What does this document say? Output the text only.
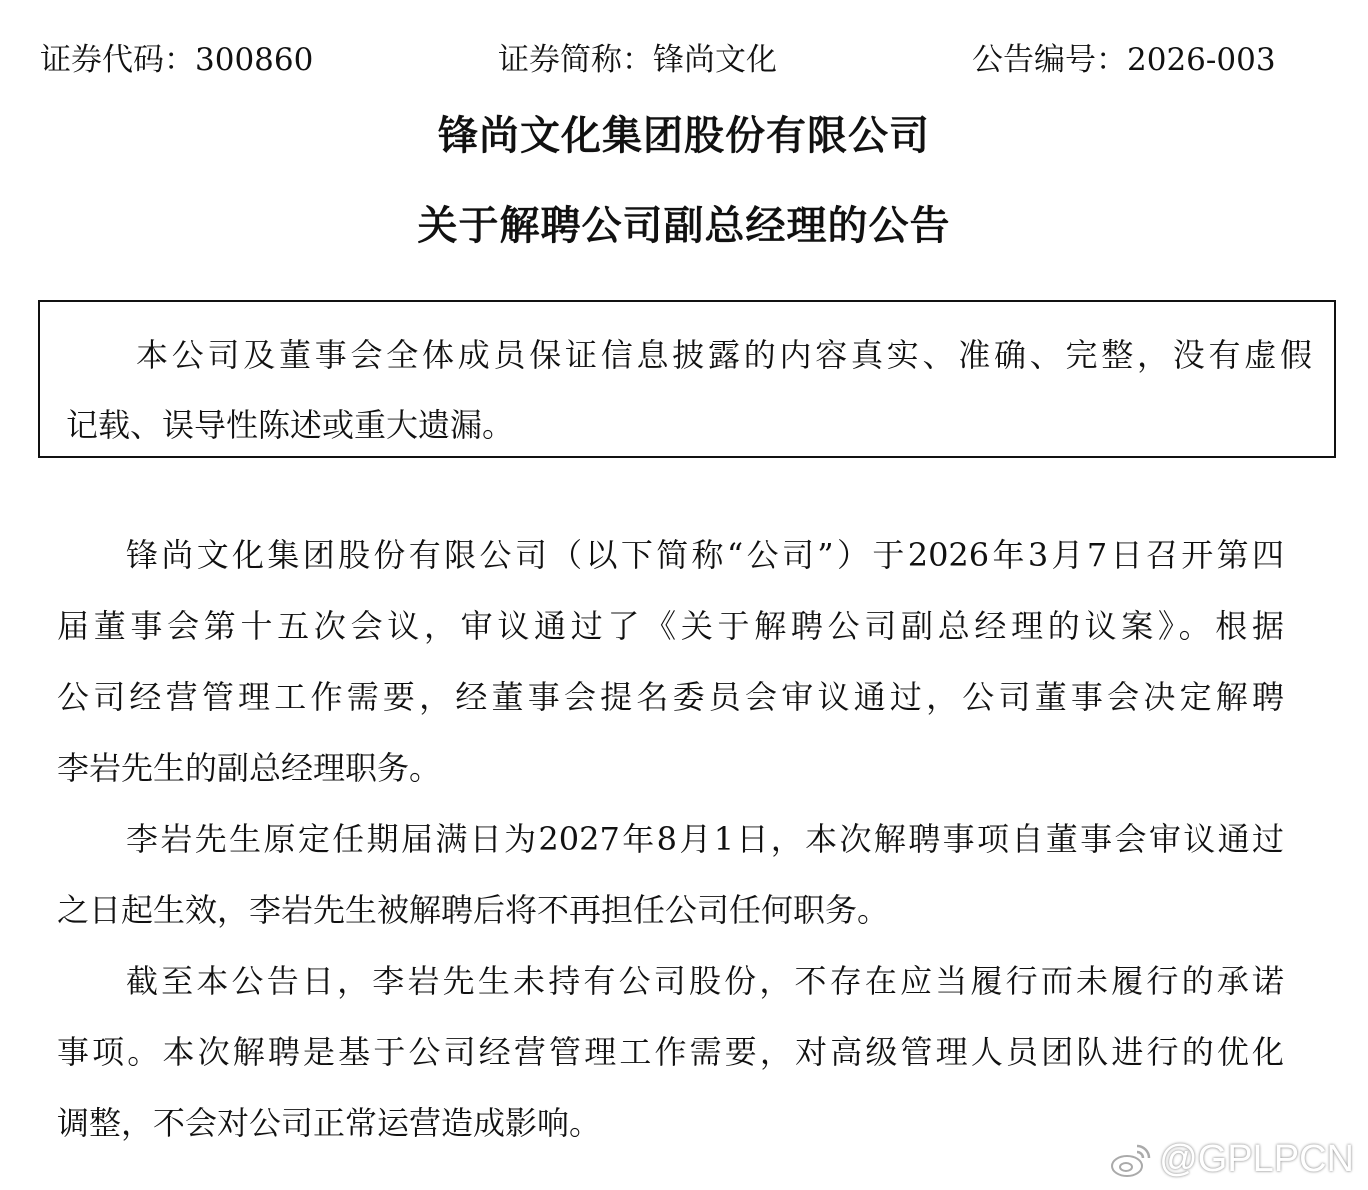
证券代码：300860	证券简称：锋尚文化	公告编号：2026-003
锋尚文化集团股份有限公司
关于解聘公司副总经理的公告
本公司及董事会全体成员保证信息披露的内容真实、准确、完整，没有虚假
记载、误导性陈述或重大遗漏。
锋尚文化集团股份有限公司（以下简称“公司”）于2026年3月7日召开第四
届董事会第十五次会议，审议通过了《关于解聘公司副总经理的议案》。根据
公司经营管理工作需要，经董事会提名委员会审议通过，公司董事会决定解聘
李岩先生的副总经理职务。
李岩先生原定任期届满日为2027年8月1日，本次解聘事项自董事会审议通过
之日起生效，李岩先生被解聘后将不再担任公司任何职务。
截至本公告日，李岩先生未持有公司股份，不存在应当履行而未履行的承诺
事项。本次解聘是基于公司经营管理工作需要，对高级管理人员团队进行的优化
调整，不会对公司正常运营造成影响。
@GPLPCN
